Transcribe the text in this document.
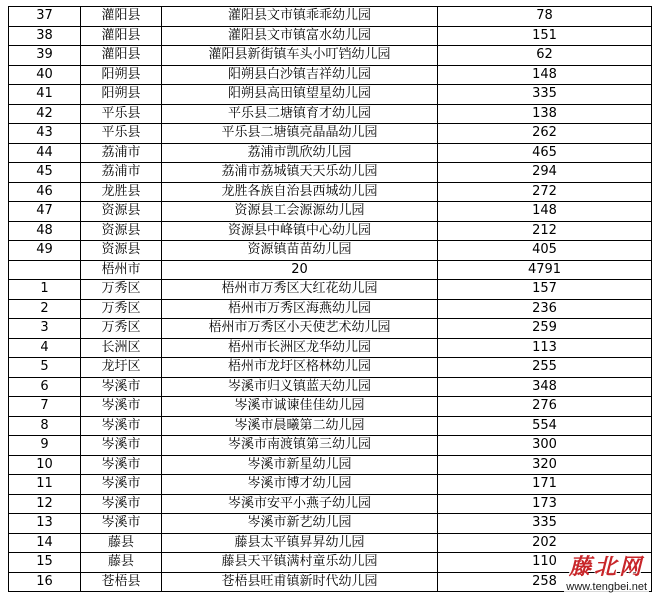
37	灌阳县	灌阳县文市镇乖乖幼儿园	78
38	灌阳县	灌阳县文市镇富水幼儿园	151
39	灌阳县	灌阳县新街镇车头小叮铛幼儿园	62
40	阳朔县	阳朔县白沙镇吉祥幼儿园	148
41	阳朔县	阳朔县高田镇望星幼儿园	335
42	平乐县	平乐县二塘镇育才幼儿园	138
43	平乐县	平乐县二塘镇亮晶晶幼儿园	262
44	荔浦市	荔浦市凯欣幼儿园	465
45	荔浦市	荔浦市荔城镇天天乐幼儿园	294
46	龙胜县	龙胜各族自治县西城幼儿园	272
47	资源县	资源县工会源源幼儿园	148
48	资源县	资源县中峰镇中心幼儿园	212
49	资源县	资源镇苗苗幼儿园	405
	梧州市	20	4791
1	万秀区	梧州市万秀区大红花幼儿园	157
2	万秀区	梧州市万秀区海燕幼儿园	236
3	万秀区	梧州市万秀区小天使艺术幼儿园	259
4	长洲区	梧州市长洲区龙华幼儿园	113
5	龙圩区	梧州市龙圩区格林幼儿园	255
6	岑溪市	岑溪市归义镇蓝天幼儿园	348
7	岑溪市	岑溪市诚谏佳佳幼儿园	276
8	岑溪市	岑溪市晨曦第二幼儿园	554
9	岑溪市	岑溪市南渡镇第三幼儿园	300
10	岑溪市	岑溪市新星幼儿园	320
11	岑溪市	岑溪市博才幼儿园	171
12	岑溪市	岑溪市安平小燕子幼儿园	173
13	岑溪市	岑溪市新艺幼儿园	335
14	藤县	藤县太平镇昇昇幼儿园	202
15	藤县	藤县天平镇满村童乐幼儿园	110
16	苍梧县	苍梧县旺甫镇新时代幼儿园	258
藤北网
www.tengbei.net
